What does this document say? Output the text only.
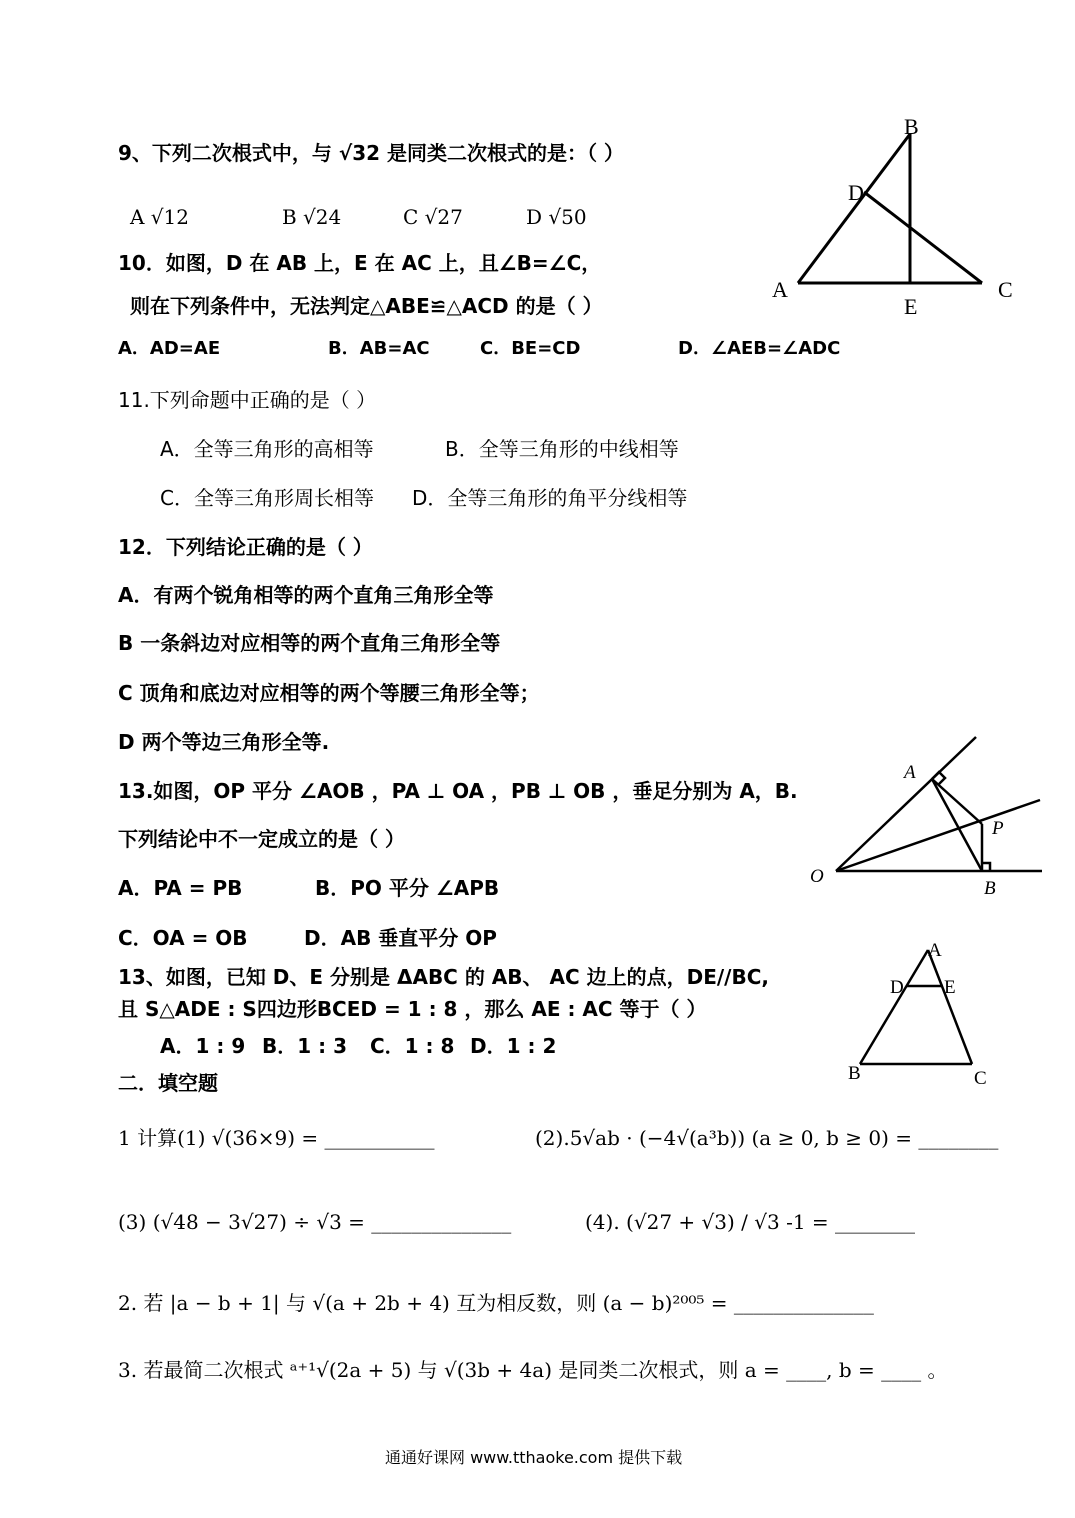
9、下列二次根式中，与 √32 是同类二次根式的是：（ ）
A √12	B √24	C √27	D √50
A
B
C
D
E
10．如图，D 在 AB 上，E 在 AC 上，且∠B=∠C，
则在下列条件中，无法判定△ABE≌△ACD 的是（ ）
A．AD=AE	B．AB=AC	C．BE=CD	D．∠AEB=∠ADC
11.下列命题中正确的是（ ）
A．全等三角形的高相等	B．全等三角形的中线相等
C．全等三角形周长相等 D．全等三角形的角平分线相等
12．下列结论正确的是（ ）
A．有两个锐角相等的两个直角三角形全等
B 一条斜边对应相等的两个直角三角形全等
C 顶角和底边对应相等的两个等腰三角形全等；
D 两个等边三角形全等.
A
P
O
B
13.如图，OP 平分 ∠AOB ，PA ⊥ OA ，PB ⊥ OB ，垂足分别为 A，B.
下列结论中不一定成立的是（ ）
A．PA = PB	B．PO 平分 ∠APB
C．OA = OB	D．AB 垂直平分 OP
A
D E
B	C
13、如图，已知 D、E 分别是 ΔABC 的 AB、 AC 边上的点，DE//BC,
且 S△ADE : S四边形BCED = 1 : 8 ，那么 AE : AC 等于（ ）
A．1 : 9 B．1 : 3 C．1 : 8 D．1 : 2
二．填空题
1 计算(1) √(36×9) = ___________	(2).5√ab · (−4√(a³b)) (a ≥ 0, b ≥ 0) = ________
(3) (√48 − 3√27) ÷ √3 = ______________	(4). (√27 + √3) / √3 -1 = ________
2. 若 |a − b + 1| 与 √(a + 2b + 4) 互为相反数，则 (a − b)²⁰⁰⁵ = ______________
3. 若最简二次根式 ᵃ⁺¹√(2a + 5) 与 √(3b + 4a) 是同类二次根式，则 a = ____, b = ____ 。
通通好课网 www.tthaoke.com 提供下载
